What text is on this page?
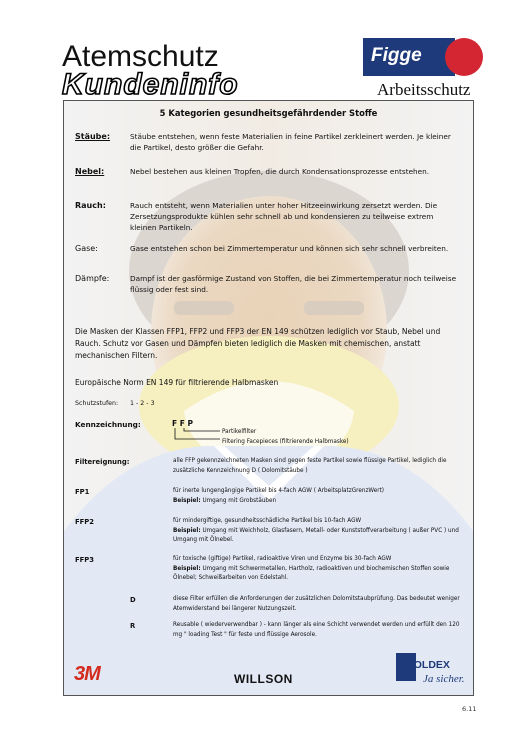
Atemschutz
Kundeninfo
Figge
Arbeitsschutz
5 Kategorien gesundheitsgefährdender Stoffe
Stäube:	Stäube entstehen, wenn feste Materialien in feine Partikel zerkleinert werden. Je kleiner die Partikel, desto größer die Gefahr.
Nebel:	Nebel bestehen aus kleinen Tropfen, die durch Kondensationsprozesse entstehen.
Rauch:	Rauch entsteht, wenn Materialien unter hoher Hitzeeinwirkung zersetzt werden. Die Zersetzungsprodukte kühlen sehr schnell ab und kondensieren zu teilweise extrem kleinen Partikeln.
Gase:	Gase entstehen schon bei Zimmertemperatur und können sich sehr schnell verbreiten.
Dämpfe:	Dampf ist der gasförmige Zustand von Stoffen, die bei Zimmertemperatur noch teilweise flüssig oder fest sind.
Die Masken der Klassen FFP1, FFP2 und FFP3 der EN 149 schützen lediglich vor Staub, Nebel und Rauch. Schutz vor Gasen und Dämpfen bieten lediglich die Masken mit chemischen, anstatt mechanischen Filtern.
Europäische Norm EN 149 für filtrierende Halbmasken
Schutzstufen:	1 - 2 - 3
Kennzeichnung:	F F P
Partikelfilter
Filtering Facepieces (filtrierende Halbmaske)
Filtereignung:	alle FFP gekennzeichneten Masken sind gegen feste Partikel sowie flüssige Partikel, lediglich die zusätzliche Kennzeichnung D ( Dolomitstäube )
FP1	für inerte lungengängige Partikel bis 4-fach AGW ( ArbeitsplatzGrenzWert)
Beispiel: Umgang mit Grobstäuben
FFP2	für mindergiftige, gesundheitsschädliche Partikel bis 10-fach AGW
Beispiel: Umgang mit Weichholz, Glasfasern, Metall- oder Kunststoffverarbeitung ( außer PVC ) und Umgang mit Ölnebel.
FFP3	für toxische (giftige) Partikel, radioaktive Viren und Enzyme bis 30-fach AGW
Beispiel: Umgang mit Schwermetallen, Hartholz, radioaktiven und biochemischen Stoffen sowie Ölnebel; Schweißarbeiten von Edelstahl.
D	diese Filter erfüllen die Anforderungen der zusätzlichen Dolomitstaubprüfung. Das bedeutet weniger Atemwiderstand bei längerer Nutzungszeit.
R	Reusable ( wiederverwendbar ) - kann länger als eine Schicht verwendet werden und erfüllt den 120 mg " loading Test " für feste und flüssige Aerosole.
3M	WILLSON
MOLDEX
Ja sicher.
6.11
